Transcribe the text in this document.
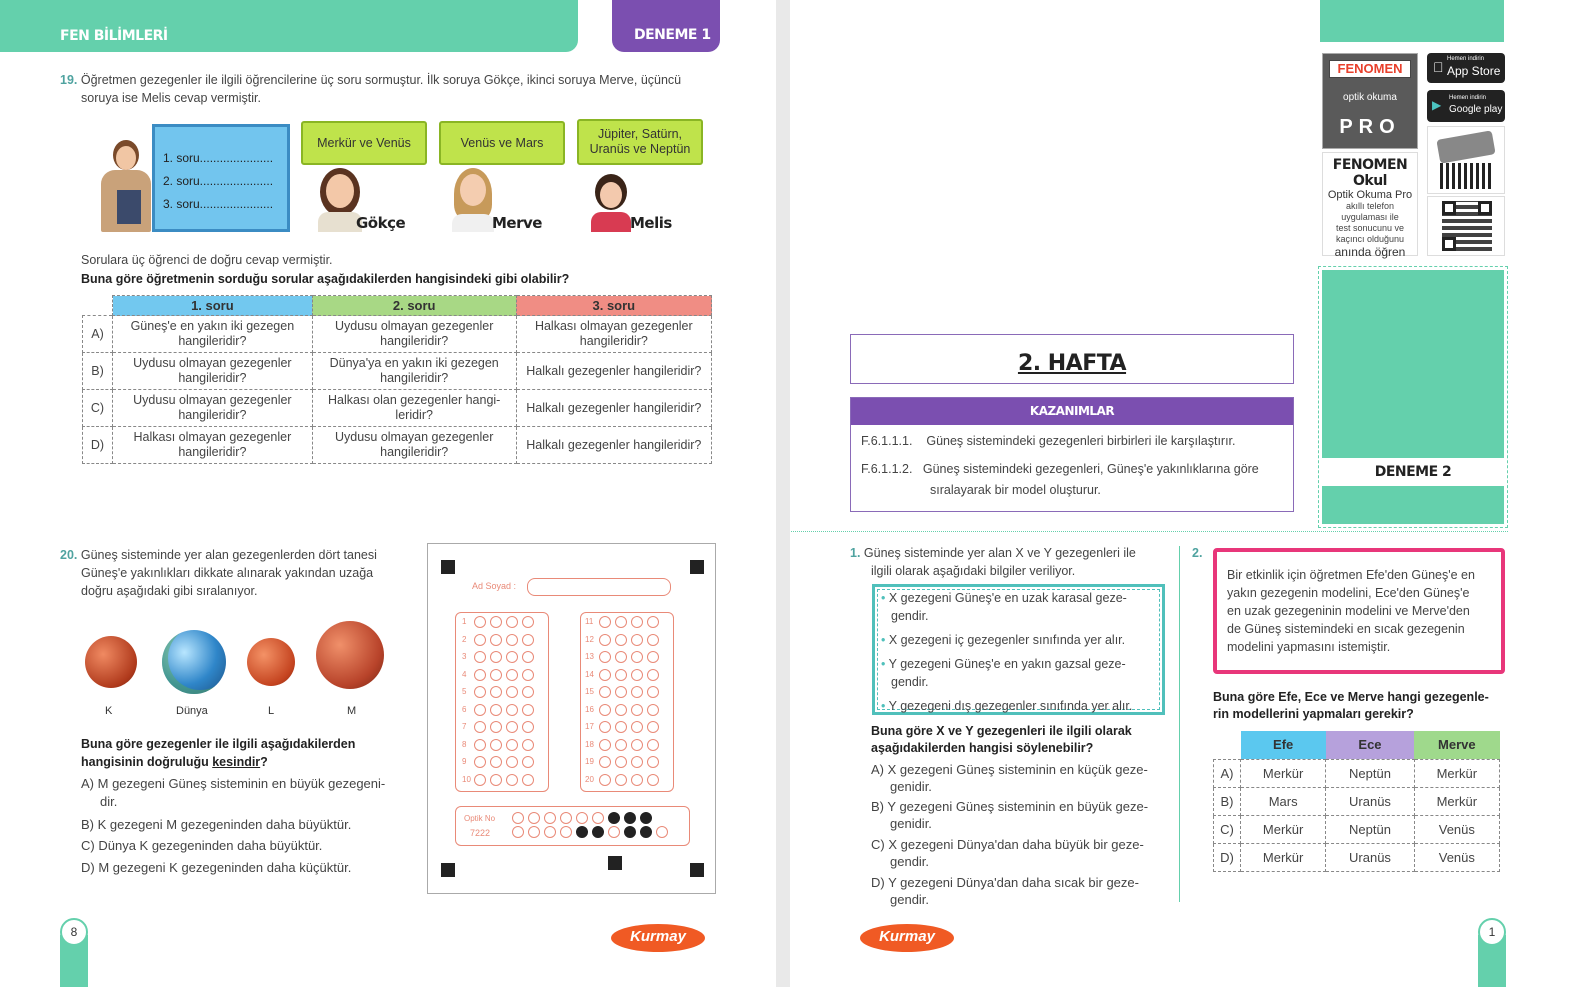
FEN BİLİMLERİ	DENEME 1
19. Öğretmen gezegenler ile ilgili öğrencilerine üç soru sormuştur. İlk soruya Gökçe, ikinci soruya Merve, üçüncü
soruya ise Melis cevap vermiştir.
1. soru......................
2. soru......................
3. soru......................
Merkür ve Venüs
Gökçe
Venüs ve Mars
Merve
Jüpiter, Satürn, Uranüs ve Neptün
Melis
Sorulara üç öğrenci de doğru cevap vermiştir.
Buna göre öğretmenin sorduğu sorular aşağıdakilerden hangisindeki gibi olabilir?
	1. soru	2. soru	3. soru
A)	Güneş'e en yakın iki gezegen hangileridir?	Uydusu olmayan gezegenler hangileridir?	Halkası olmayan gezegenler hangileridir?
B)	Uydusu olmayan gezegenler hangileridir?	Dünya'ya en yakın iki gezegen hangileridir?	Halkalı gezegenler hangileridir?
C)	Uydusu olmayan gezegenler hangileridir?	Halkası olan gezegenler hangi-leridir?	Halkalı gezegenler hangileridir?
D)	Halkası olmayan gezegenler hangileridir?	Uydusu olmayan gezegenler hangileridir?	Halkalı gezegenler hangileridir?
20. Güneş sisteminde yer alan gezegenlerden dört tanesi
Güneş'e yakınlıkları dikkate alınarak yakından uzağa
doğru aşağıdaki gibi sıralanıyor.
K	Dünya	L	M
Buna göre gezegenler ile ilgili aşağıdakilerden
hangisinin doğruluğu kesindir?
A) M gezegeni Güneş sisteminin en büyük gezegeni-
dir.
B) K gezegeni M gezegeninden daha büyüktür.
C) Dünya K gezegeninden daha büyüktür.
D) M gezegeni K gezegeninden daha küçüktür.
Ad Soyad :
1
2
3
4
5
6
7
8
9
10
11
12
13
14
15
16
17
18
19
20
Optik No
7222

8	Kurmay
FENOMEN
optik okuma
PRO
FENOMEN Okul
Optik Okuma Pro
akıllı telefon
uygulaması ile
test sonucunu ve
kaçıncı olduğunu
anında öğren
Hemen indirin
App Store
▶ Hemen indirin
Google play
DENEME 2
2. HAFTA
KAZANIMLAR
F.6.1.1.1. Güneş sistemindeki gezegenleri birbirleri ile karşılaştırır.
F.6.1.1.2. Güneş sistemindeki gezegenleri, Güneş'e yakınlıklarına göre
sıralayarak bir model oluşturur.
1. Güneş sisteminde yer alan X ve Y gezegenleri ile
ilgili olarak aşağıdaki bilgiler veriliyor.
• X gezegeni Güneş'e en uzak karasal geze-
gendir.
• X gezegeni iç gezegenler sınıfında yer alır.
• Y gezegeni Güneş'e en yakın gazsal geze-
gendir.
• Y gezegeni dış gezegenler sınıfında yer alır.
Buna göre X ve Y gezegenleri ile ilgili olarak
aşağıdakilerden hangisi söylenebilir?
A) X gezegeni Güneş sisteminin en küçük geze-
genidir.
B) Y gezegeni Güneş sisteminin en büyük geze-
genidir.
C) X gezegeni Dünya'dan daha büyük bir geze-
gendir.
D) Y gezegeni Dünya'dan daha sıcak bir geze-
gendir.
2.
Bir etkinlik için öğretmen Efe'den Güneş'e en
yakın gezegenin modelini, Ece'den Güneş'e
en uzak gezegeninin modelini ve Merve'den
de Güneş sistemindeki en sıcak gezegenin
modelini yapmasını istemiştir.
Buna göre Efe, Ece ve Merve hangi gezegenle-
rin modellerini yapmaları gerekir?
	Efe	Ece	Merve
A)	Merkür	Neptün	Merkür
B)	Mars	Uranüs	Merkür
C)	Merkür	Neptün	Venüs
D)	Merkür	Uranüs	Venüs
Kurmay	1
